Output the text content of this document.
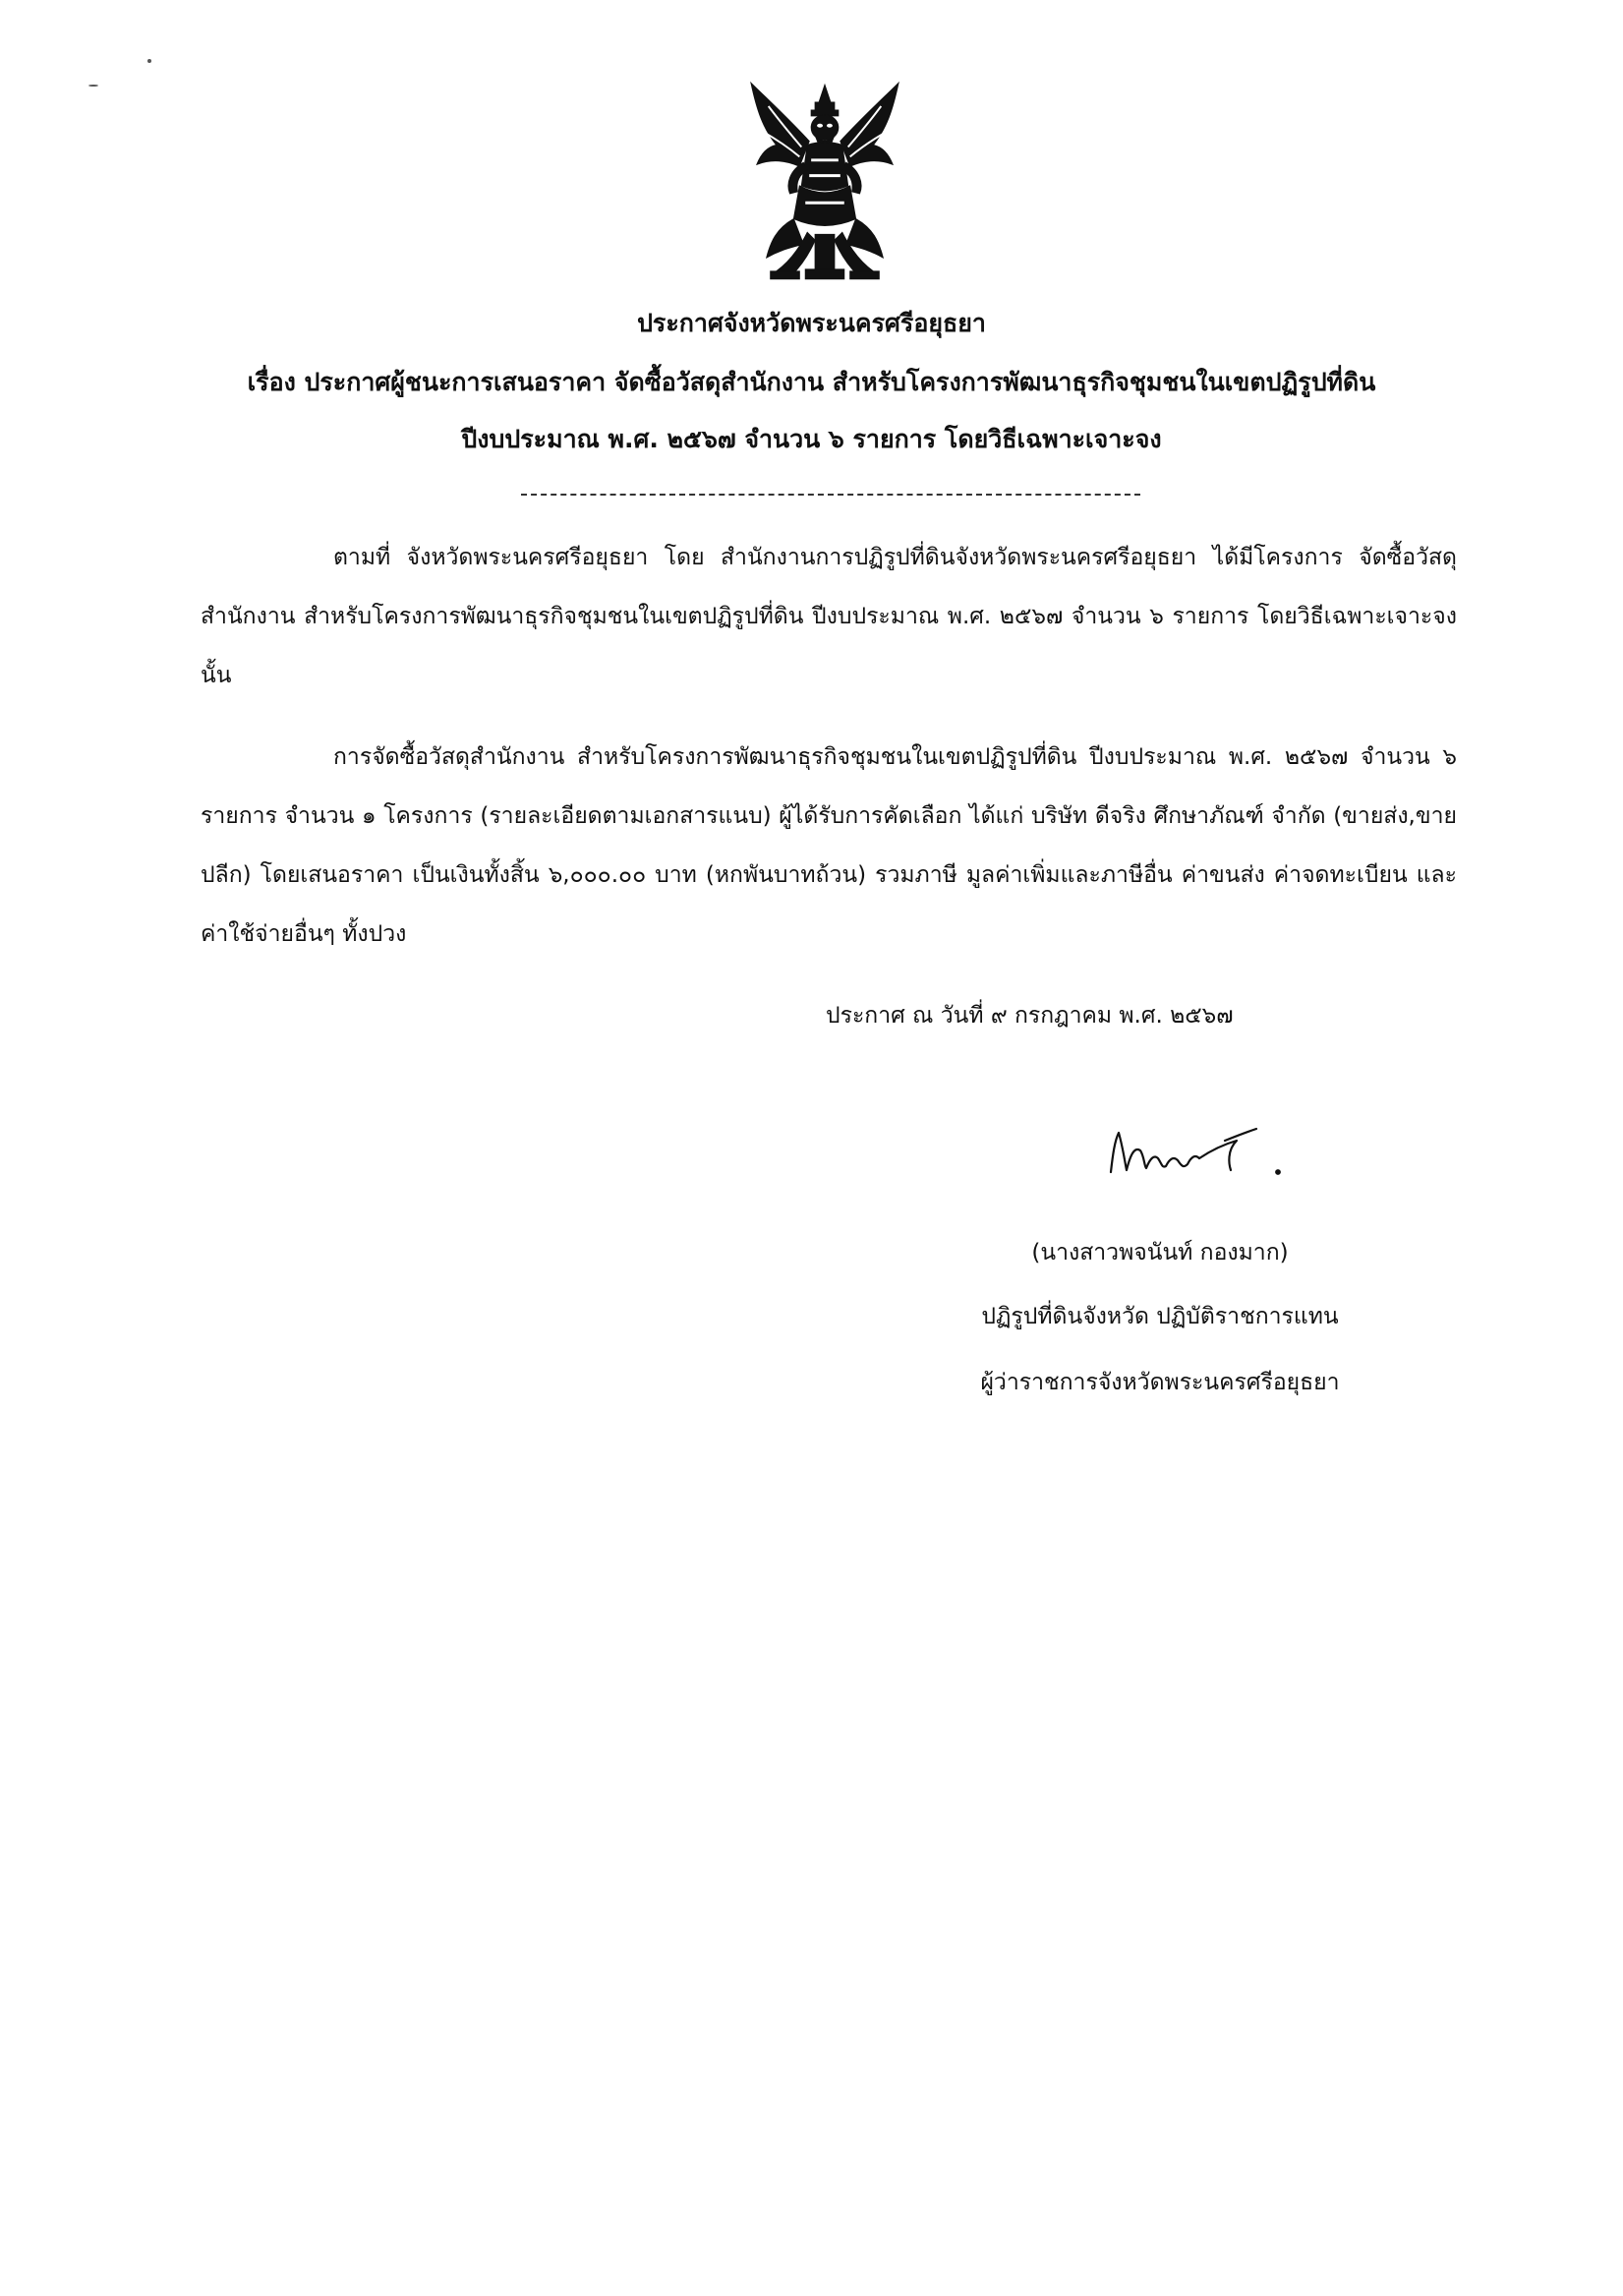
ประกาศจังหวัดพระนครศรีอยุธยา
เรื่อง ประกาศผู้ชนะการเสนอราคา จัดซื้อวัสดุสำนักงาน สำหรับโครงการพัฒนาธุรกิจชุมชนในเขตปฏิรูปที่ดิน
ปีงบประมาณ พ.ศ. ๒๕๖๗ จำนวน ๖ รายการ โดยวิธีเฉพาะเจาะจง
ตามที่ จังหวัดพระนครศรีอยุธยา โดย สำนักงานการปฏิรูปที่ดินจังหวัดพระนครศรีอยุธยา ได้มีโครงการ จัดซื้อวัสดุสำนักงาน สำหรับโครงการพัฒนาธุรกิจชุมชนในเขตปฏิรูปที่ดิน ปีงบประมาณ พ.ศ. ๒๕๖๗ จำนวน ๖ รายการ โดยวิธีเฉพาะเจาะจง นั้น
การจัดซื้อวัสดุสำนักงาน สำหรับโครงการพัฒนาธุรกิจชุมชนในเขตปฏิรูปที่ดิน ปีงบประมาณ พ.ศ. ๒๕๖๗ จำนวน ๖ รายการ จำนวน ๑ โครงการ (รายละเอียดตามเอกสารแนบ) ผู้ได้รับการคัดเลือก ได้แก่ บริษัท ดีจริง ศึกษาภัณฑ์ จำกัด (ขายส่ง,ขายปลีก) โดยเสนอราคา เป็นเงินทั้งสิ้น ๖,๐๐๐.๐๐ บาท (หกพันบาทถ้วน) รวมภาษี มูลค่าเพิ่มและภาษีอื่น ค่าขนส่ง ค่าจดทะเบียน และค่าใช้จ่ายอื่นๆ ทั้งปวง
ประกาศ ณ วันที่ ๙ กรกฎาคม พ.ศ. ๒๕๖๗
(นางสาวพจนันท์ กองมาก)
ปฏิรูปที่ดินจังหวัด ปฏิบัติราชการแทน
ผู้ว่าราชการจังหวัดพระนครศรีอยุธยา
